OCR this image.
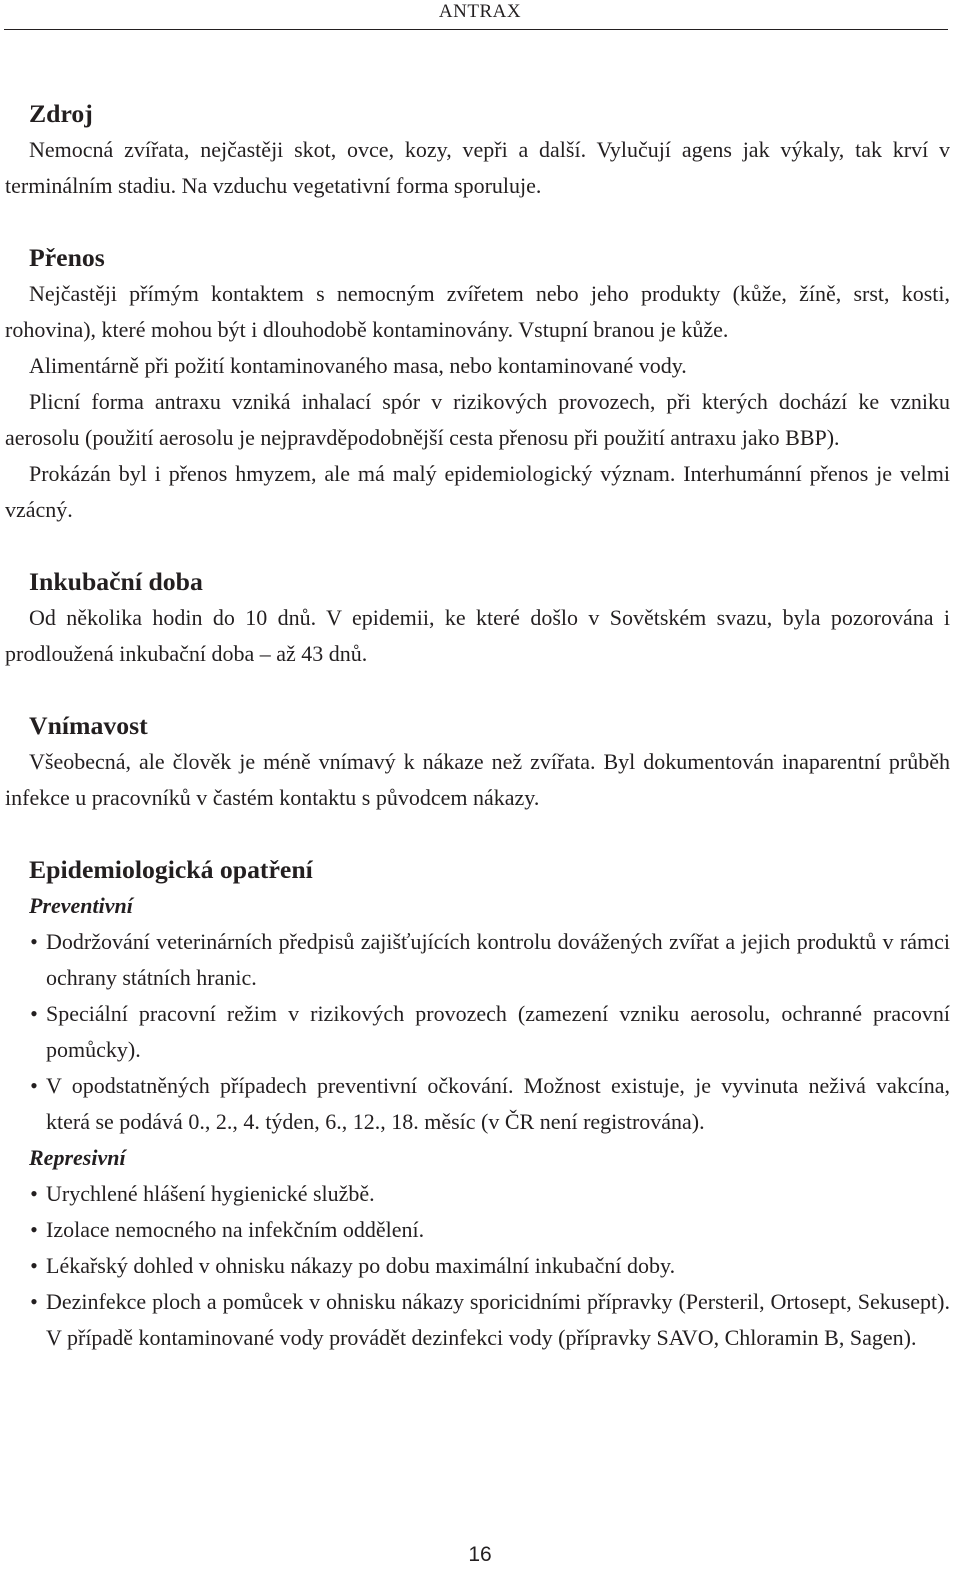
ANTRAX
Zdroj

Nemocná zvířata, nejčastěji skot, ovce, kozy, vepři a další. Vylučují agens jak výkaly, tak krví v terminálním stadiu. Na vzduchu vegetativní forma sporuluje.

Přenos

Nejčastěji přímým kontaktem s nemocným zvířetem nebo jeho produkty (kůže, žíně, srst, kosti, rohovina), které mohou být i dlouhodobě kontaminovány. Vstupní branou je kůže.

Alimentárně při požití kontaminovaného masa, nebo kontaminované vody.

Plicní forma antraxu vzniká inhalací spór v rizikových provozech, při kterých dochází ke vzniku aerosolu (použití aerosolu je nejpravděpodobnější cesta přenosu při použití antraxu jako BBP).

Prokázán byl i přenos hmyzem, ale má malý epidemiologický význam. Interhumánní přenos je velmi vzácný.

Inkubační doba

Od několika hodin do 10 dnů. V epidemii, ke které došlo v Sovětském svazu, byla pozorována i prodloužená inkubační doba – až 43 dnů.

Vnímavost

Všeobecná, ale člověk je méně vnímavý k nákaze než zvířata. Byl dokumentován inaparentní průběh infekce u pracovníků v častém kontaktu s původcem nákazy.

Epidemiologická opatření
Preventivní
• Dodržování veterinárních předpisů zajišťujících kontrolu dovážených zvířat a jejich produktů v rámci ochrany státních hranic.
• Speciální pracovní režim v rizikových provozech (zamezení vzniku aerosolu, ochranné pracovní pomůcky).
• V opodstatněných případech preventivní očkování. Možnost existuje, je vyvinuta neživá vakcína, která se podává 0., 2., 4. týden, 6., 12., 18. měsíc (v ČR není registrována).
Represivní
• Urychlené hlášení hygienické službě.
• Izolace nemocného na infekčním oddělení.
• Lékařský dohled v ohnisku nákazy po dobu maximální inkubační doby.
• Dezinfekce ploch a pomůcek v ohnisku nákazy sporicidními přípravky (Persteril, Ortosept, Sekusept). V případě kontaminované vody provádět dezinfekci vody (přípravky SAVO, Chloramin B, Sagen).
16
